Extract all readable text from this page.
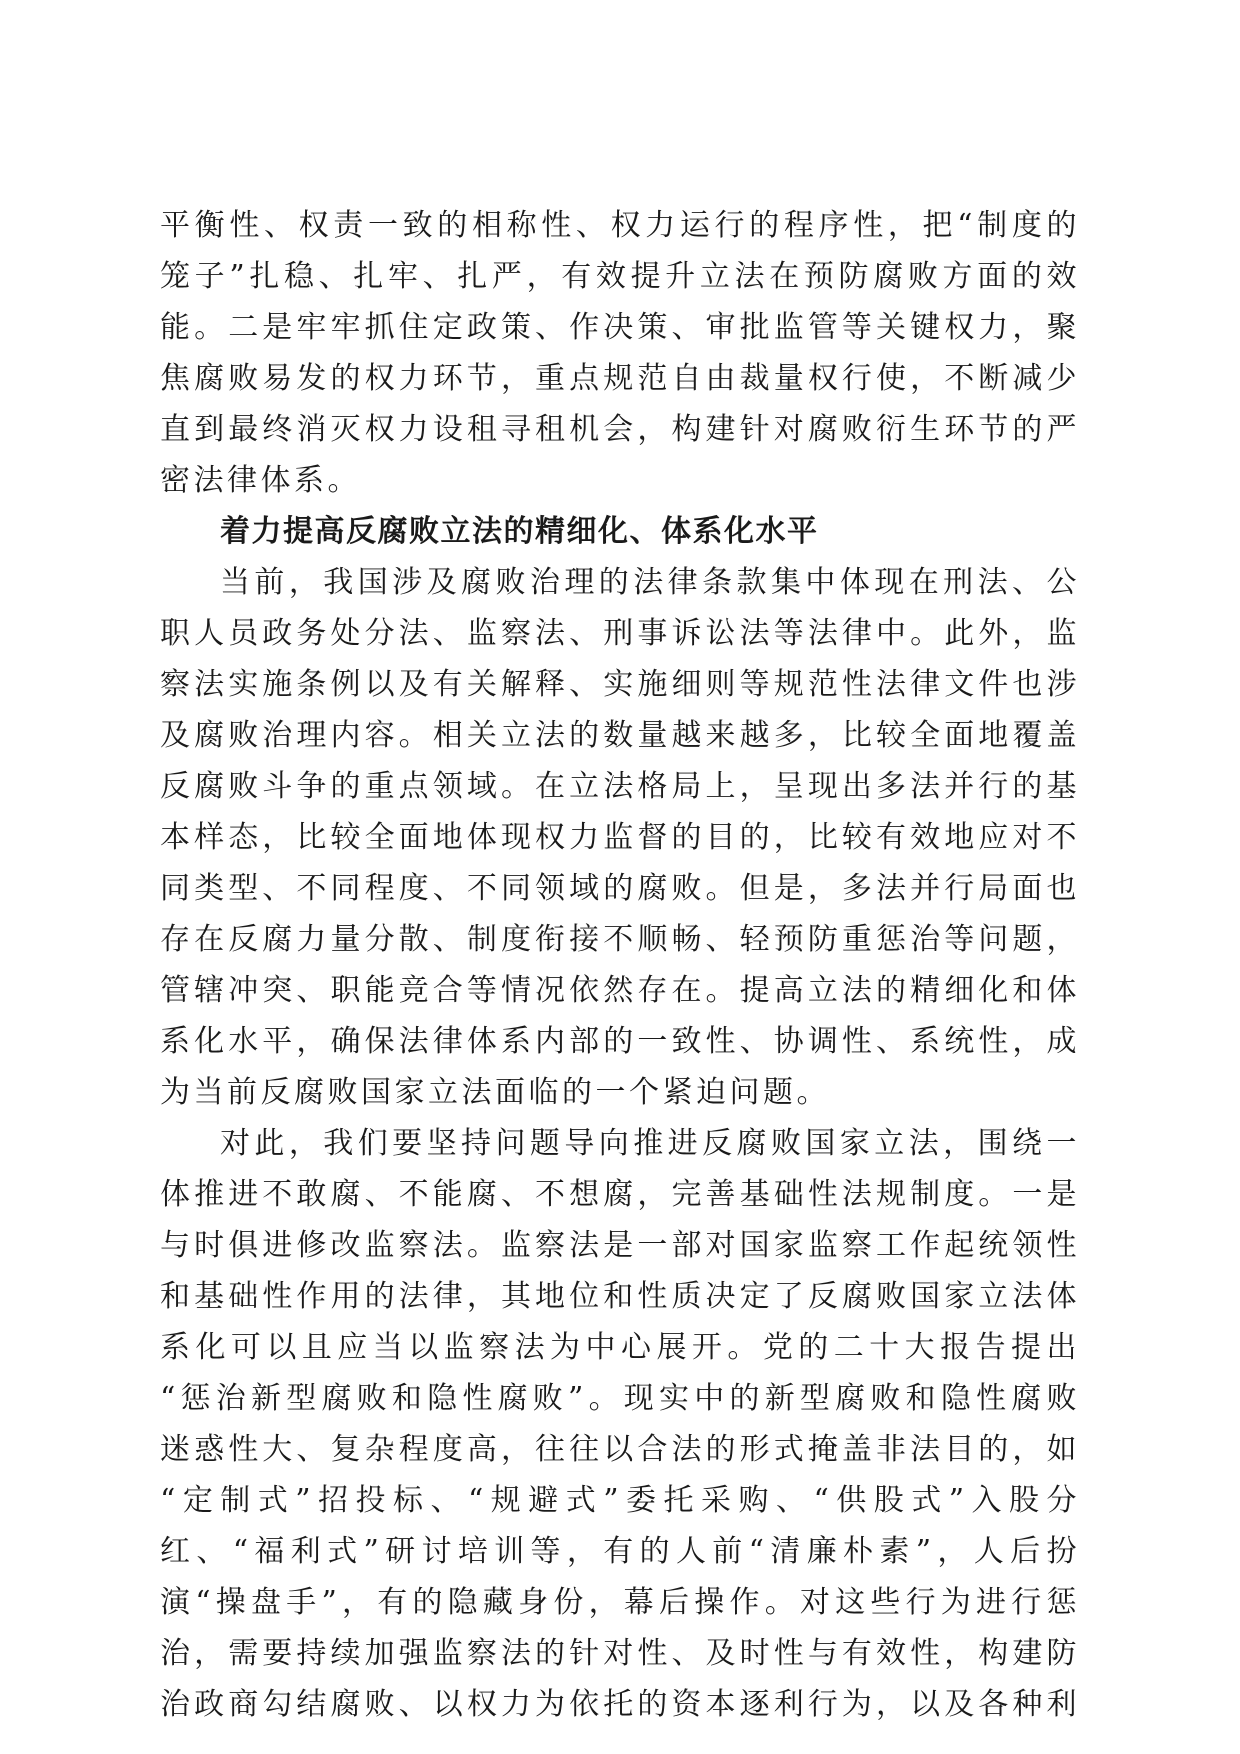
平衡性、权责一致的相称性、权力运行的程序性，把“制度的
笼子”扎稳、扎牢、扎严，有效提升立法在预防腐败方面的效
能。二是牢牢抓住定政策、作决策、审批监管等关键权力，聚
焦腐败易发的权力环节，重点规范自由裁量权行使，不断减少
直到最终消灭权力设租寻租机会，构建针对腐败衍生环节的严
密法律体系。
着力提高反腐败立法的精细化、体系化水平
当前，我国涉及腐败治理的法律条款集中体现在刑法、公
职人员政务处分法、监察法、刑事诉讼法等法律中。此外，监
察法实施条例以及有关解释、实施细则等规范性法律文件也涉
及腐败治理内容。相关立法的数量越来越多，比较全面地覆盖
反腐败斗争的重点领域。在立法格局上，呈现出多法并行的基
本样态，比较全面地体现权力监督的目的，比较有效地应对不
同类型、不同程度、不同领域的腐败。但是，多法并行局面也
存在反腐力量分散、制度衔接不顺畅、轻预防重惩治等问题，
管辖冲突、职能竞合等情况依然存在。提高立法的精细化和体
系化水平，确保法律体系内部的一致性、协调性、系统性，成
为当前反腐败国家立法面临的一个紧迫问题。
对此，我们要坚持问题导向推进反腐败国家立法，围绕一
体推进不敢腐、不能腐、不想腐，完善基础性法规制度。一是
与时俱进修改监察法。监察法是一部对国家监察工作起统领性
和基础性作用的法律，其地位和性质决定了反腐败国家立法体
系化可以且应当以监察法为中心展开。党的二十大报告提出
“惩治新型腐败和隐性腐败”。现实中的新型腐败和隐性腐败
迷惑性大、复杂程度高，往往以合法的形式掩盖非法目的，如
“定制式”招投标、“规避式”委托采购、“供股式”入股分
红、“福利式”研讨培训等，有的人前“清廉朴素”，人后扮
演“操盘手”，有的隐藏身份，幕后操作。对这些行为进行惩
治，需要持续加强监察法的针对性、及时性与有效性，构建防
治政商勾结腐败、以权力为依托的资本逐利行为，以及各种利
